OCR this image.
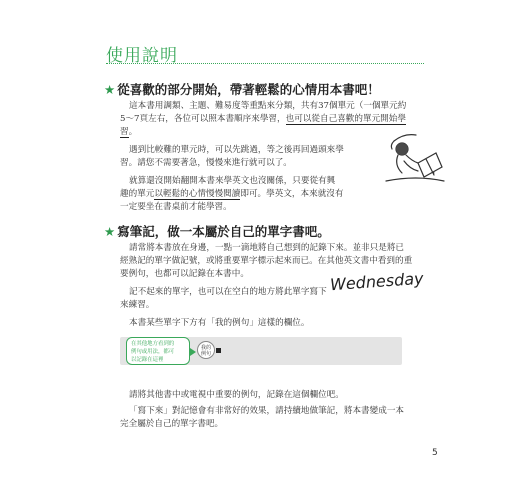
使用說明
★ 從喜歡的部分開始，帶著輕鬆的心情用本書吧！

這本書用調類、主題、難易度等重點來分類，共有37個單元（一個單元約

5～7頁左右，各位可以照本書順序來學習，也可以從自己喜歡的單元開始學

習。

遇到比較難的單元時，可以先跳過，等之後再回過頭來學

習。請您不需要著急，慢慢來進行就可以了。

就算還沒開始翻開本書來學英文也沒關係，只要從有興

趣的單元以輕鬆的心情慢慢閱讀即可。學英文，本來就沒有

一定要坐在書桌前才能學習。

★ 寫筆記，做一本屬於自己的單字書吧。

請常將本書放在身邊，一點一滴地將自己想到的記錄下來。並非只是將已

經熟記的單字做記號，或將重要單字標示起來而已。在其他英文書中看到的重

要例句，也都可以記錄在本書中。

記不起來的單字，也可以在空白的地方將此單字寫下

來練習。

Wednesday

本書某些單字下方有「我的例句」這樣的欄位。

在其他地方看到的
例句或用法，都可
以記錄在這裡
我的
例句

請將其他書中或電視中重要的例句，記錄在這個欄位吧。

「寫下來」對記憶會有非常好的效果，請持續地做筆記，將本書變成一本

完全屬於自己的單字書吧。

5
